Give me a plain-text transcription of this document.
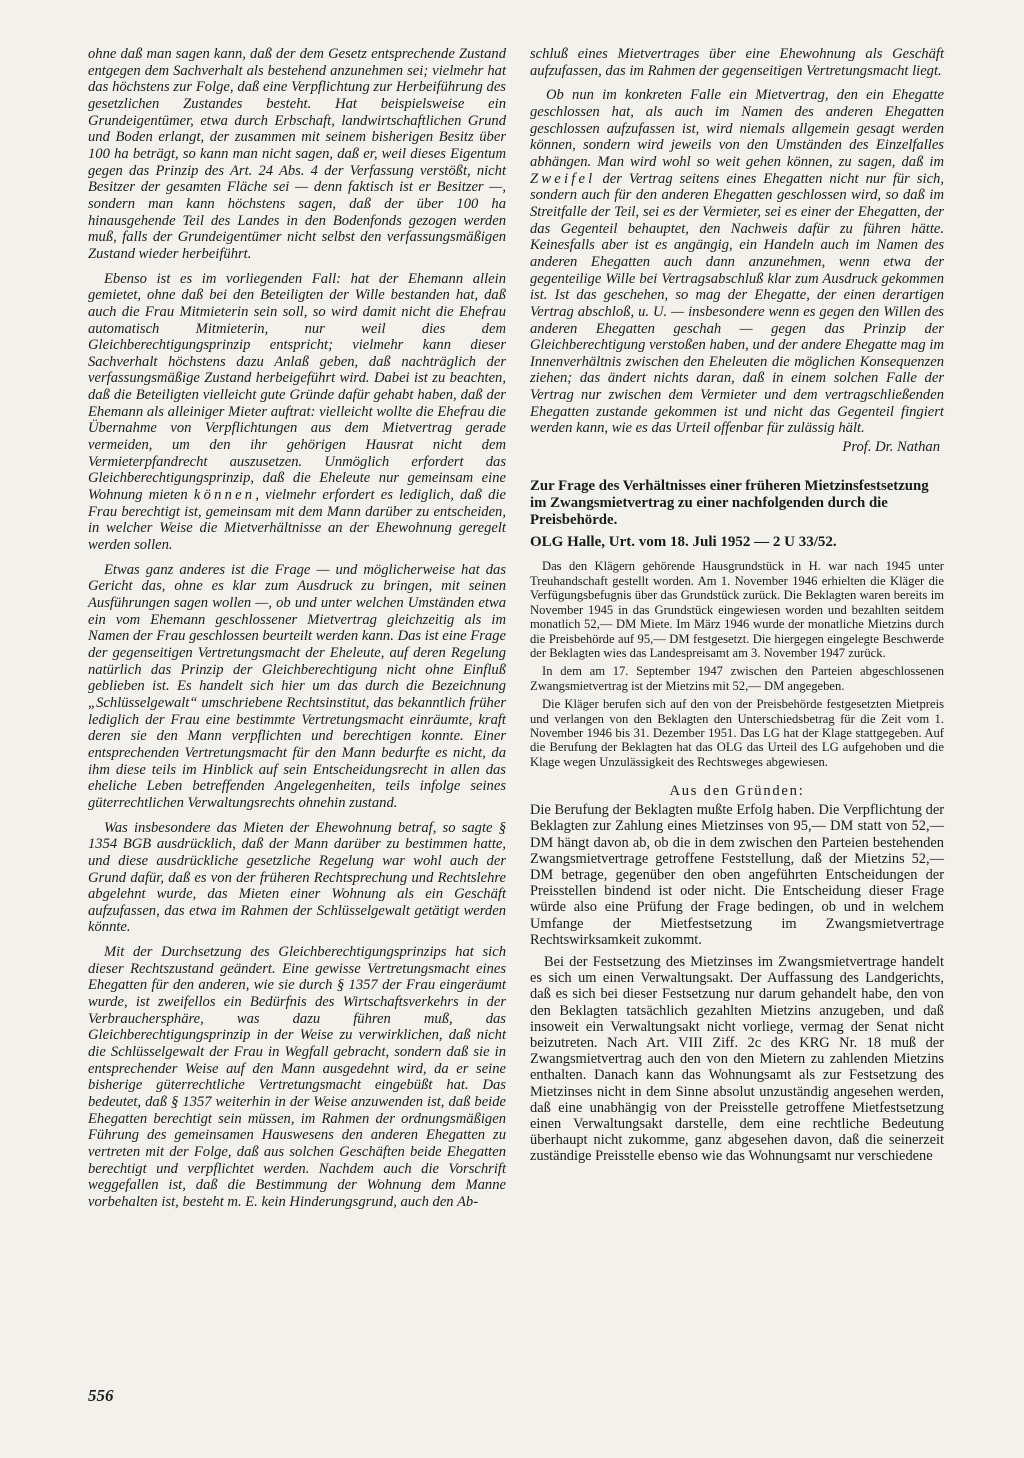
ohne daß man sagen kann, daß der dem Gesetz entsprechende Zustand entgegen dem Sachverhalt als bestehend anzunehmen sei; vielmehr hat das höchstens zur Folge, daß eine Verpflichtung zur Herbeiführung des gesetzlichen Zustandes besteht. Hat beispielsweise ein Grundeigentümer, etwa durch Erbschaft, landwirtschaftlichen Grund und Boden erlangt, der zusammen mit seinem bisherigen Besitz über 100 ha beträgt, so kann man nicht sagen, daß er, weil dieses Eigentum gegen das Prinzip des Art. 24 Abs. 4 der Verfassung verstößt, nicht Besitzer der gesamten Fläche sei — denn faktisch ist er Besitzer —, sondern man kann höchstens sagen, daß der über 100 ha hinausgehende Teil des Landes in den Bodenfonds gezogen werden muß, falls der Grundeigentümer nicht selbst den verfassungsmäßigen Zustand wieder herbeiführt.

Ebenso ist es im vorliegenden Fall: hat der Ehemann allein gemietet, ohne daß bei den Beteiligten der Wille bestanden hat, daß auch die Frau Mitmieterin sein soll, so wird damit nicht die Ehefrau automatisch Mitmieterin, nur weil dies dem Gleichberechtigungsprinzip entspricht; vielmehr kann dieser Sachverhalt höchstens dazu Anlaß geben, daß nachträglich der verfassungsmäßige Zustand herbeigeführt wird. Dabei ist zu beachten, daß die Beteiligten vielleicht gute Gründe dafür gehabt haben, daß der Ehemann als alleiniger Mieter auftrat: vielleicht wollte die Ehefrau die Übernahme von Verpflichtungen aus dem Mietvertrag gerade vermeiden, um den ihr gehörigen Hausrat nicht dem Vermieterpfandrecht auszusetzen. Unmöglich erfordert das Gleichberechtigungsprinzip, daß die Eheleute nur gemeinsam eine Wohnung mieten können, vielmehr erfordert es lediglich, daß die Frau berechtigt ist, gemeinsam mit dem Mann darüber zu entscheiden, in welcher Weise die Mietverhältnisse an der Ehewohnung geregelt werden sollen.

Etwas ganz anderes ist die Frage — und möglicherweise hat das Gericht das, ohne es klar zum Ausdruck zu bringen, mit seinen Ausführungen sagen wollen —, ob und unter welchen Umständen etwa ein vom Ehemann geschlossener Mietvertrag gleichzeitig als im Namen der Frau geschlossen beurteilt werden kann. Das ist eine Frage der gegenseitigen Vertretungsmacht der Eheleute, auf deren Regelung natürlich das Prinzip der Gleichberechtigung nicht ohne Einfluß geblieben ist. Es handelt sich hier um das durch die Bezeichnung „Schlüsselgewalt“ umschriebene Rechtsinstitut, das bekanntlich früher lediglich der Frau eine bestimmte Vertretungsmacht einräumte, kraft deren sie den Mann verpflichten und berechtigen konnte. Einer entsprechenden Vertretungsmacht für den Mann bedurfte es nicht, da ihm diese teils im Hinblick auf sein Entscheidungsrecht in allen das eheliche Leben betreffenden Angelegenheiten, teils infolge seines güterrechtlichen Verwaltungsrechts ohnehin zustand.

Was insbesondere das Mieten der Ehewohnung betraf, so sagte § 1354 BGB ausdrücklich, daß der Mann darüber zu bestimmen hatte, und diese ausdrückliche gesetzliche Regelung war wohl auch der Grund dafür, daß es von der früheren Rechtsprechung und Rechtslehre abgelehnt wurde, das Mieten einer Wohnung als ein Geschäft aufzufassen, das etwa im Rahmen der Schlüsselgewalt getätigt werden könnte.

Mit der Durchsetzung des Gleichberechtigungsprinzips hat sich dieser Rechtszustand geändert. Eine gewisse Vertretungsmacht eines Ehegatten für den anderen, wie sie durch § 1357 der Frau eingeräumt wurde, ist zweifellos ein Bedürfnis des Wirtschaftsverkehrs in der Verbrauchersphäre, was dazu führen muß, das Gleichberechtigungsprinzip in der Weise zu verwirklichen, daß nicht die Schlüsselgewalt der Frau in Wegfall gebracht, sondern daß sie in entsprechender Weise auf den Mann ausgedehnt wird, da er seine bisherige güterrechtliche Vertretungsmacht eingebüßt hat. Das bedeutet, daß § 1357 weiterhin in der Weise anzuwenden ist, daß beide Ehegatten berechtigt sein müssen, im Rahmen der ordnungsmäßigen Führung des gemeinsamen Hauswesens den anderen Ehegatten zu vertreten mit der Folge, daß aus solchen Geschäften beide Ehegatten berechtigt und verpflichtet werden. Nachdem auch die Vorschrift weggefallen ist, daß die Bestimmung der Wohnung dem Manne vorbehalten ist, besteht m. E. kein Hinderungsgrund, auch den Ab-

schluß eines Mietvertrages über eine Ehewohnung als Geschäft aufzufassen, das im Rahmen der gegenseitigen Vertretungsmacht liegt.

Ob nun im konkreten Falle ein Mietvertrag, den ein Ehegatte geschlossen hat, als auch im Namen des anderen Ehegatten geschlossen aufzufassen ist, wird niemals allgemein gesagt werden können, sondern wird jeweils von den Umständen des Einzelfalles abhängen. Man wird wohl so weit gehen können, zu sagen, daß im Zweifel der Vertrag seitens eines Ehegatten nicht nur für sich, sondern auch für den anderen Ehegatten geschlossen wird, so daß im Streitfalle der Teil, sei es der Vermieter, sei es einer der Ehegatten, der das Gegenteil behauptet, den Nachweis dafür zu führen hätte. Keinesfalls aber ist es angängig, ein Handeln auch im Namen des anderen Ehegatten auch dann anzunehmen, wenn etwa der gegenteilige Wille bei Vertragsabschluß klar zum Ausdruck gekommen ist. Ist das geschehen, so mag der Ehegatte, der einen derartigen Vertrag abschloß, u. U. — insbesondere wenn es gegen den Willen des anderen Ehegatten geschah — gegen das Prinzip der Gleichberechtigung verstoßen haben, und der andere Ehegatte mag im Innenverhältnis zwischen den Eheleuten die möglichen Konsequenzen ziehen; das ändert nichts daran, daß in einem solchen Falle der Vertrag nur zwischen dem Vermieter und dem vertragschließenden Ehegatten zustande gekommen ist und nicht das Gegenteil fingiert werden kann, wie es das Urteil offenbar für zulässig hält.

Prof. Dr. Nathan
Zur Frage des Verhältnisses einer früheren Mietzinsfestsetzung im Zwangsmietvertrag zu einer nachfolgenden durch die Preisbehörde.
OLG Halle, Urt. vom 18. Juli 1952 — 2 U 33/52.

Das den Klägern gehörende Hausgrundstück in H. war nach 1945 unter Treuhandschaft gestellt worden. Am 1. November 1946 erhielten die Kläger die Verfügungsbefugnis über das Grundstück zurück. Die Beklagten waren bereits im November 1945 in das Grundstück eingewiesen worden und bezahlten seitdem monatlich 52,— DM Miete. Im März 1946 wurde der monatliche Mietzins durch die Preisbehörde auf 95,— DM festgesetzt. Die hiergegen eingelegte Beschwerde der Beklagten wies das Landespreisamt am 3. November 1947 zurück.

In dem am 17. September 1947 zwischen den Parteien abgeschlossenen Zwangsmietvertrag ist der Mietzins mit 52,— DM angegeben.

Die Kläger berufen sich auf den von der Preisbehörde festgesetzten Mietpreis und verlangen von den Beklagten den Unterschiedsbetrag für die Zeit vom 1. November 1946 bis 31. Dezember 1951. Das LG hat der Klage stattgegeben. Auf die Berufung der Beklagten hat das OLG das Urteil des LG aufgehoben und die Klage wegen Unzulässigkeit des Rechtsweges abgewiesen.

Aus den Gründen:

Die Berufung der Beklagten mußte Erfolg haben. Die Verpflichtung der Beklagten zur Zahlung eines Mietzinses von 95,— DM statt von 52,— DM hängt davon ab, ob die in dem zwischen den Parteien bestehenden Zwangsmietvertrage getroffene Feststellung, daß der Mietzins 52,— DM betrage, gegenüber den oben angeführten Entscheidungen der Preisstellen bindend ist oder nicht. Die Entscheidung dieser Frage würde also eine Prüfung der Frage bedingen, ob und in welchem Umfange der Mietfestsetzung im Zwangsmietvertrage Rechtswirksamkeit zukommt.

Bei der Festsetzung des Mietzinses im Zwangsmietvertrage handelt es sich um einen Verwaltungsakt. Der Auffassung des Landgerichts, daß es sich bei dieser Festsetzung nur darum gehandelt habe, den von den Beklagten tatsächlich gezahlten Mietzins anzugeben, und daß insoweit ein Verwaltungsakt nicht vorliege, vermag der Senat nicht beizutreten. Nach Art. VIII Ziff. 2c des KRG Nr. 18 muß der Zwangsmietvertrag auch den von den Mietern zu zahlenden Mietzins enthalten. Danach kann das Wohnungsamt als zur Festsetzung des Mietzinses nicht in dem Sinne absolut unzuständig angesehen werden, daß eine unabhängig von der Preisstelle getroffene Mietfestsetzung einen Verwaltungsakt darstelle, dem eine rechtliche Bedeutung überhaupt nicht zukomme, ganz abgesehen davon, daß die seinerzeit zuständige Preisstelle ebenso wie das Wohnungsamt nur verschiedene

556
